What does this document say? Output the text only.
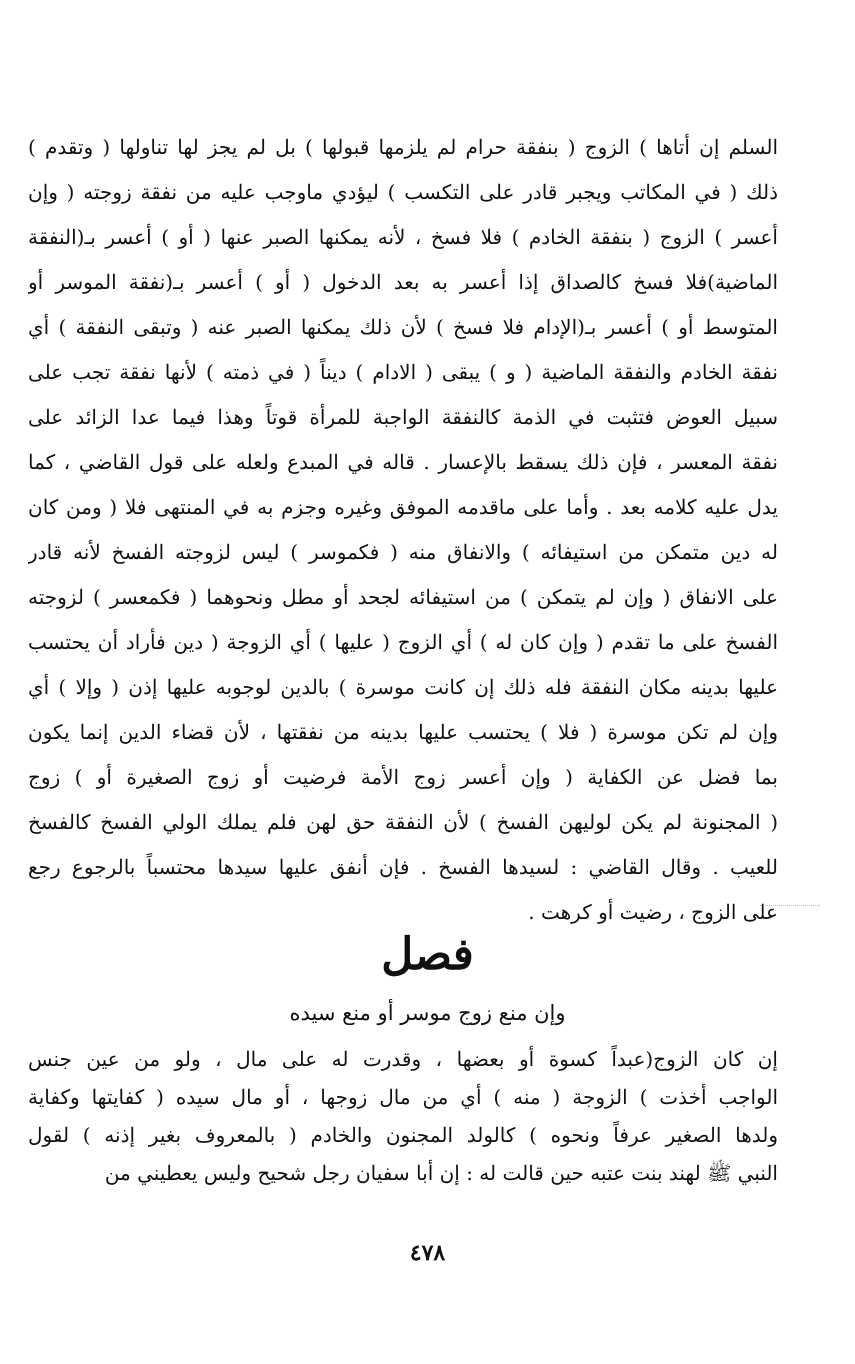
السلم إن أتاها ) الزوج ( بنفقة حرام لم يلزمها قبولها ) بل لم يجز لها تناولها ( وتقدم )
ذلك ( في المكاتب ويجبر قادر على التكسب ) ليؤدي ماوجب عليه من نفقة زوجته ( وإن
أعسر ) الزوج ( بنفقة الخادم ) فلا فسخ ، لأنه يمكنها الصبر عنها ( أو ) أعسر بـ(النفقة
الماضية)فلا فسخ كالصداق إذا أعسر به بعد الدخول ( أو ) أعسر بـ(نفقة الموسر أو
المتوسط أو ) أعسر بـ(الإدام فلا فسخ ) لأن ذلك يمكنها الصبر عنه ( وتبقى النفقة ) أي
نفقة الخادم والنفقة الماضية ( و ) يبقى ( الادام ) ديناً ( في ذمته ) لأنها نفقة تجب على
سبيل العوض فتثبت في الذمة كالنفقة الواجبة للمرأة قوتاً وهذا فيما عدا الزائد على
نفقة المعسر ، فإن ذلك يسقط بالإعسار . قاله في المبدع ولعله على قول القاضي ، كما
يدل عليه كلامه بعد . وأما على ماقدمه الموفق وغيره وجزم به في المنتهى فلا ( ومن كان
له دين متمكن من استيفائه ) والانفاق منه ( فكموسر ) ليس لزوجته الفسخ لأنه قادر
على الانفاق ( وإن لم يتمكن ) من استيفائه لجحد أو مطل ونحوهما ( فكمعسر ) لزوجته
الفسخ على ما تقدم ( وإن كان له ) أي الزوج ( عليها ) أي الزوجة ( دين فأراد أن يحتسب
عليها بدينه مكان النفقة فله ذلك إن كانت موسرة ) بالدين لوجوبه عليها إذن ( وإلا ) أي
وإن لم تكن موسرة ( فلا ) يحتسب عليها بدينه من نفقتها ، لأن قضاء الدين إنما يكون
بما فضل عن الكفاية ( وإن أعسر زوج الأمة فرضيت أو زوج الصغيرة أو ) زوج
( المجنونة لم يكن لوليهن الفسخ ) لأن النفقة حق لهن فلم يملك الولي الفسخ كالفسخ
للعيب . وقال القاضي : لسيدها الفسخ . فإن أنفق عليها سيدها محتسباً بالرجوع رجع
على الزوج ، رضيت أو كرهت .
فصل
وإن منع زوج موسر أو منع سيده
إن كان الزوج(عبداً كسوة أو بعضها ، وقدرت له على مال ، ولو من عين جنس
الواجب أخذت ) الزوجة ( منه ) أي من مال زوجها ، أو مال سيده ( كفايتها وكفاية
ولدها الصغير عرفاً ونحوه ) كالولد المجنون والخادم ( بالمعروف بغير إذنه ) لقول
النبي ﷺ لهند بنت عتبه حين قالت له : إن أبا سفيان رجل شحيح وليس يعطيني من
٤٧٨
